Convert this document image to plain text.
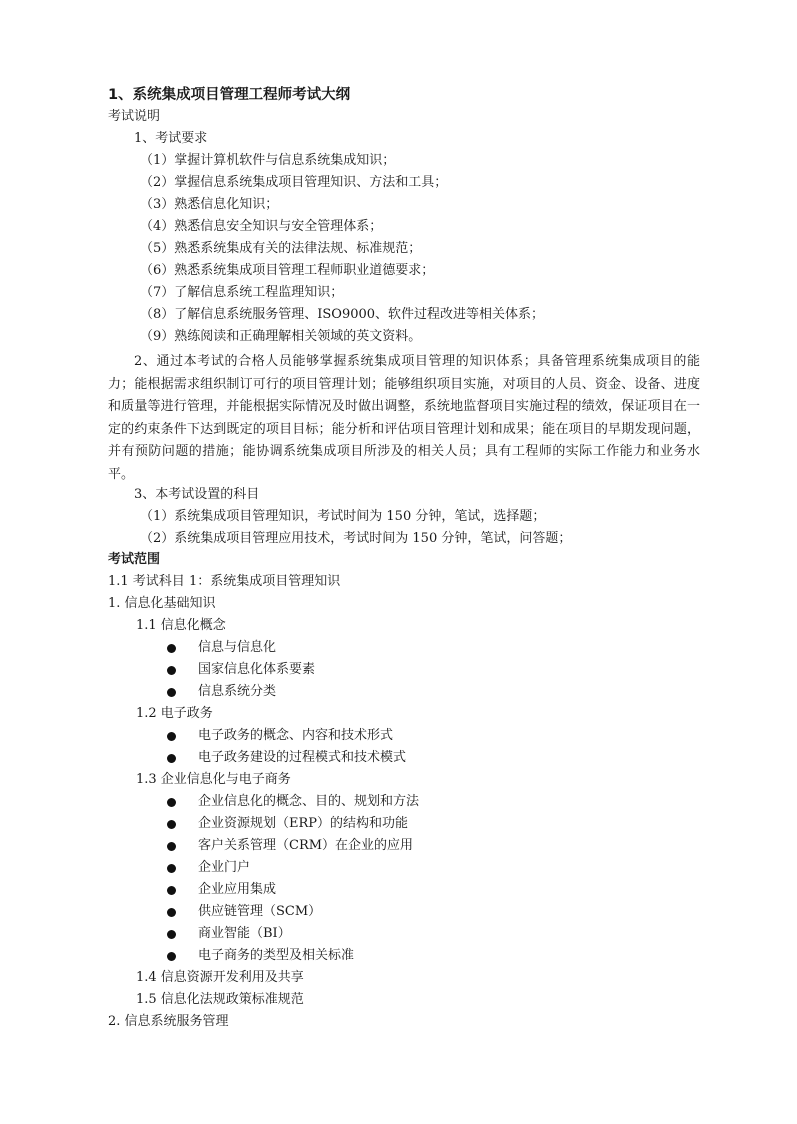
1、系统集成项目管理工程师考试大纲
考试说明
1、考试要求
（1）掌握计算机软件与信息系统集成知识；
（2）掌握信息系统集成项目管理知识、方法和工具；
（3）熟悉信息化知识；
（4）熟悉信息安全知识与安全管理体系；
（5）熟悉系统集成有关的法律法规、标准规范；
（6）熟悉系统集成项目管理工程师职业道德要求；
（7）了解信息系统工程监理知识；
（8）了解信息系统服务管理、ISO9000、软件过程改进等相关体系；
（9）熟练阅读和正确理解相关领域的英文资料。

2、通过本考试的合格人员能够掌握系统集成项目管理的知识体系；具备管理系统集成项目的能力；能根据需求组织制订可行的项目管理计划；能够组织项目实施，对项目的人员、资金、设备、进度和质量等进行管理，并能根据实际情况及时做出调整，系统地监督项目实施过程的绩效，保证项目在一定的约束条件下达到既定的项目目标；能分析和评估项目管理计划和成果；能在项目的早期发现问题，并有预防问题的措施；能协调系统集成项目所涉及的相关人员；具有工程师的实际工作能力和业务水平。

3、本考试设置的科目
（1）系统集成项目管理知识，考试时间为 150 分钟，笔试，选择题；
（2）系统集成项目管理应用技术，考试时间为 150 分钟，笔试，问答题；
考试范围
1.1 考试科目 1：系统集成项目管理知识
1. 信息化基础知识
1.1 信息化概念
信息与信息化
国家信息化体系要素
信息系统分类
1.2 电子政务
电子政务的概念、内容和技术形式
电子政务建设的过程模式和技术模式
1.3 企业信息化与电子商务
企业信息化的概念、目的、规划和方法
企业资源规划（ERP）的结构和功能
客户关系管理（CRM）在企业的应用
企业门户
企业应用集成
供应链管理（SCM）
商业智能（BI）
电子商务的类型及相关标准
1.4 信息资源开发利用及共享
1.5 信息化法规政策标准规范
2. 信息系统服务管理
